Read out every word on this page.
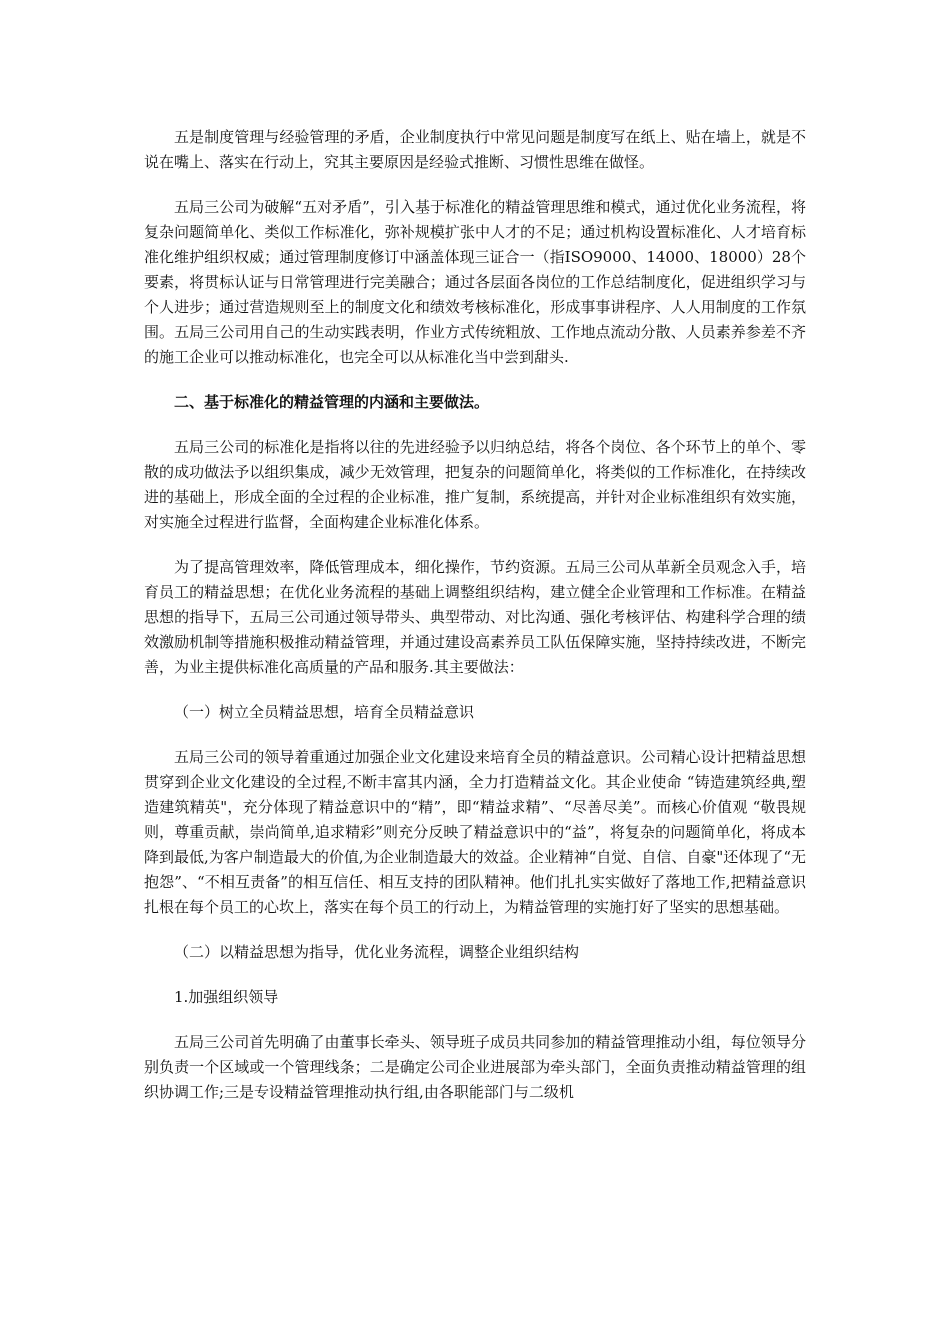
五是制度管理与经验管理的矛盾，企业制度执行中常见问题是制度写在纸上、贴在墙上，就是不说在嘴上、落实在行动上，究其主要原因是经验式推断、习惯性思维在做怪。

五局三公司为破解“五对矛盾”，引入基于标准化的精益管理思维和模式，通过优化业务流程，将复杂问题简单化、类似工作标准化，弥补规模扩张中人才的不足；通过机构设置标准化、人才培育标准化维护组织权威；通过管理制度修订中涵盖体现三证合一（指ISO9000、14000、18000）28个要素，将贯标认证与日常管理进行完美融合；通过各层面各岗位的工作总结制度化，促进组织学习与个人进步；通过营造规则至上的制度文化和绩效考核标准化，形成事事讲程序、人人用制度的工作氛围。五局三公司用自己的生动实践表明，作业方式传统粗放、工作地点流动分散、人员素养参差不齐的施工企业可以推动标准化，也完全可以从标准化当中尝到甜头.

二、基于标准化的精益管理的内涵和主要做法。

五局三公司的标准化是指将以往的先进经验予以归纳总结，将各个岗位、各个环节上的单个、零散的成功做法予以组织集成，减少无效管理，把复杂的问题简单化，将类似的工作标准化，在持续改进的基础上，形成全面的全过程的企业标准，推广复制，系统提高，并针对企业标准组织有效实施，对实施全过程进行监督，全面构建企业标准化体系。

为了提高管理效率，降低管理成本，细化操作，节约资源。五局三公司从革新全员观念入手，培育员工的精益思想；在优化业务流程的基础上调整组织结构，建立健全企业管理和工作标准。在精益思想的指导下，五局三公司通过领导带头、典型带动、对比沟通、强化考核评估、构建科学合理的绩效激励机制等措施积极推动精益管理，并通过建设高素养员工队伍保障实施，坚持持续改进，不断完善，为业主提供标准化高质量的产品和服务.其主要做法：

（一）树立全员精益思想，培育全员精益意识

五局三公司的领导着重通过加强企业文化建设来培育全员的精益意识。公司精心设计把精益思想贯穿到企业文化建设的全过程,不断丰富其内涵，全力打造精益文化。其企业使命 “铸造建筑经典,塑造建筑精英"，充分体现了精益意识中的“精”，即“精益求精”、“尽善尽美”。而核心价值观 “敬畏规则，尊重贡献，崇尚简单,追求精彩”则充分反映了精益意识中的“益”，将复杂的问题简单化，将成本降到最低,为客户制造最大的价值,为企业制造最大的效益。企业精神“自觉、自信、自豪"还体现了“无抱怨”、“不相互责备”的相互信任、相互支持的团队精神。他们扎扎实实做好了落地工作,把精益意识扎根在每个员工的心坎上，落实在每个员工的行动上，为精益管理的实施打好了坚实的思想基础。

（二）以精益思想为指导，优化业务流程，调整企业组织结构

1.加强组织领导

五局三公司首先明确了由董事长牵头、领导班子成员共同参加的精益管理推动小组，每位领导分别负责一个区域或一个管理线条；二是确定公司企业进展部为牵头部门，全面负责推动精益管理的组织协调工作;三是专设精益管理推动执行组,由各职能部门与二级机
